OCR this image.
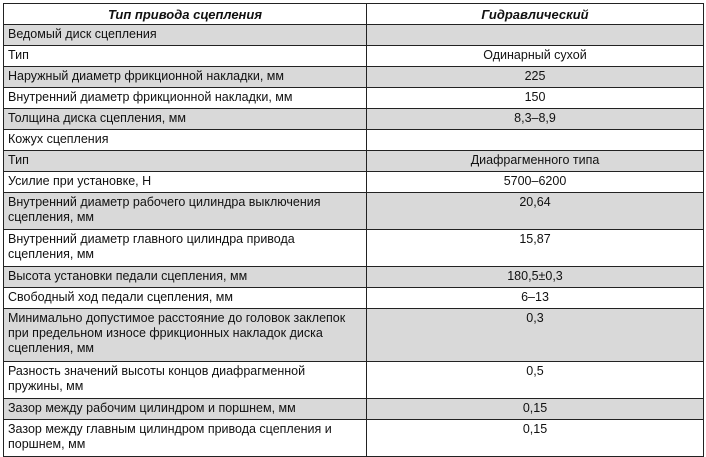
Тип привода сцепления	Гидравлический
Ведомый диск сцепления	
Тип	Одинарный сухой
Наружный диаметр фрикционной накладки, мм	225
Внутренний диаметр фрикционной накладки, мм	150
Толщина диска сцепления, мм	8,3–8,9
Кожух сцепления	
Тип	Диафрагменного типа
Усилие при установке, Н	5700–6200
Внутренний диаметр рабочего цилиндра выключения сцепления, мм	20,64
Внутренний диаметр главного цилиндра привода сцепления, мм	15,87
Высота установки педали сцепления, мм	180,5±0,3
Свободный ход педали сцепления, мм	6–13
Минимально допустимое расстояние до головок заклепок при предельном износе фрикционных накладок диска сцепления, мм	0,3
Разность значений высоты концов диафрагменной пружины, мм	0,5
Зазор между рабочим цилиндром и поршнем, мм	0,15
Зазор между главным цилиндром привода сцепления и поршнем, мм	0,15
